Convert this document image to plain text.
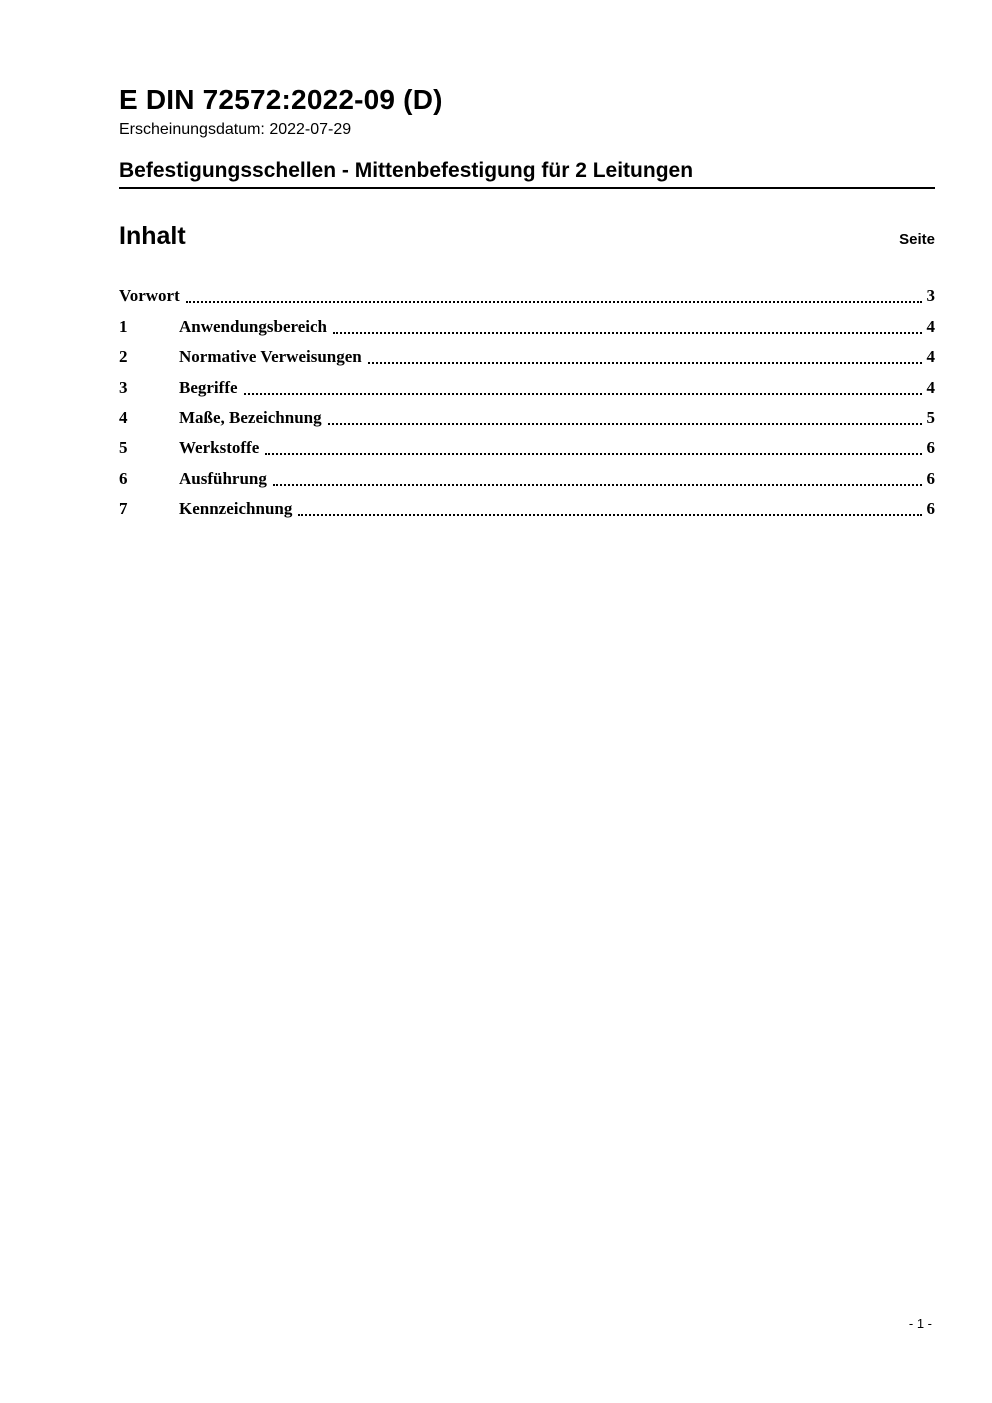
E DIN 72572:2022-09 (D)
Erscheinungsdatum: 2022-07-29
Befestigungsschellen - Mittenbefestigung für 2 Leitungen
Inhalt	Seite
Vorwort	3
1	Anwendungsbereich	4
2	Normative Verweisungen	4
3	Begriffe	4
4	Maße, Bezeichnung	5
5	Werkstoffe	6
6	Ausführung	6
7	Kennzeichnung	6
- 1 -
